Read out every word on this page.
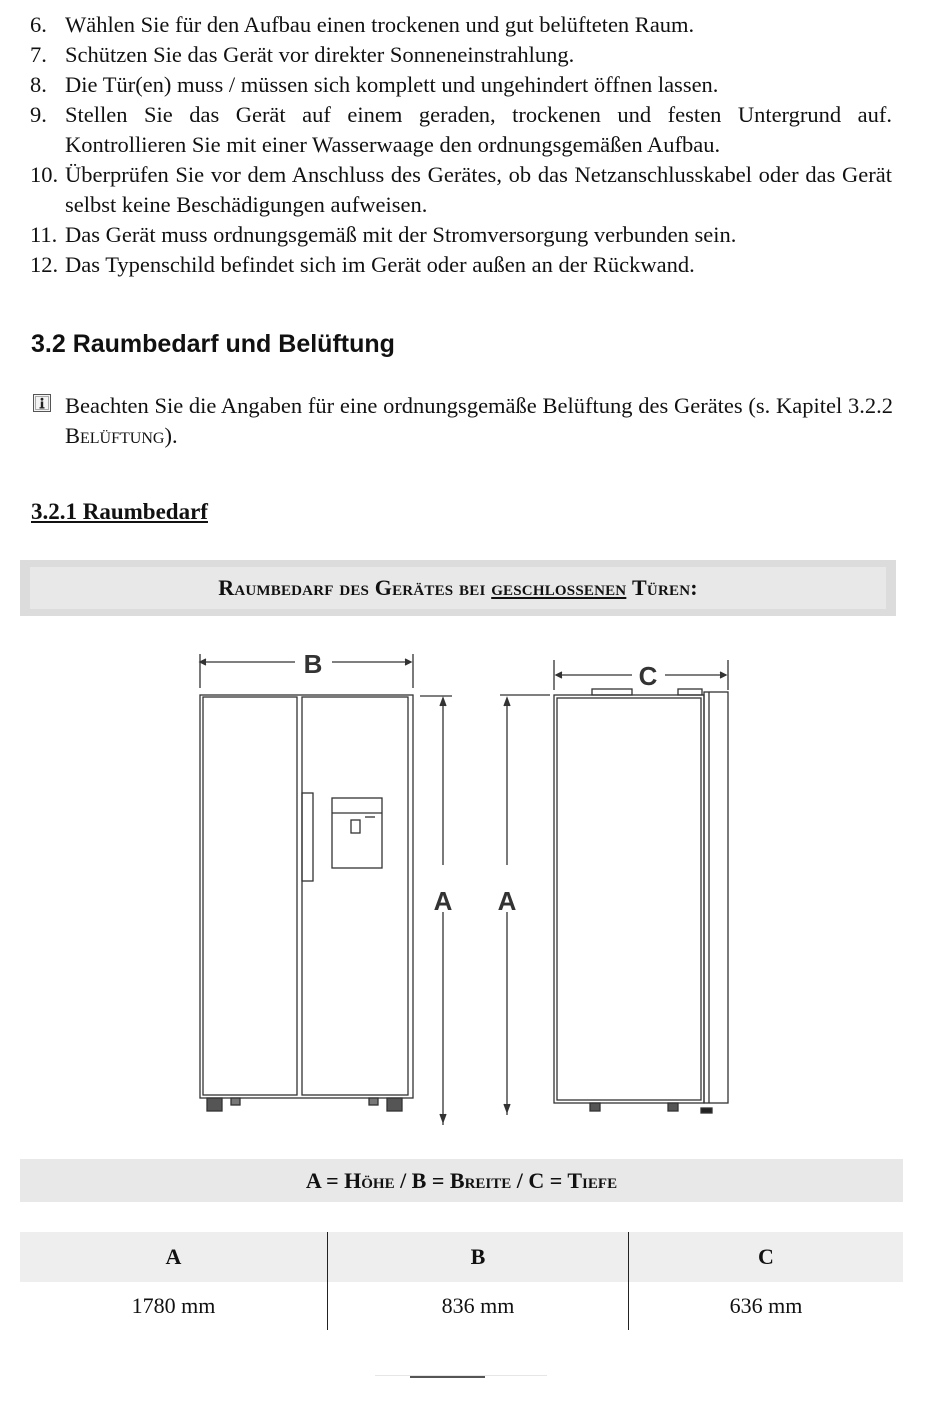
6. Wählen Sie für den Aufbau einen trockenen und gut belüfteten Raum.
7. Schützen Sie das Gerät vor direkter Sonneneinstrahlung.
8. Die Tür(en) muss / müssen sich komplett und ungehindert öffnen lassen.
9. Stellen Sie das Gerät auf einem geraden, trockenen und festen Untergrund auf. Kontrollieren Sie mit einer Wasserwaage den ordnungsgemäßen Aufbau.
10. Überprüfen Sie vor dem Anschluss des Gerätes, ob das Netzanschlusskabel oder das Gerät selbst keine Beschädigungen aufweisen.
11. Das Gerät muss ordnungsgemäß mit der Stromversorgung verbunden sein.
12. Das Typenschild befindet sich im Gerät oder außen an der Rückwand.
3.2 Raumbedarf und Belüftung
Beachten Sie die Angaben für eine ordnungsgemäße Belüftung des Gerätes (s. Kapitel 3.2.2 Belüftung).
3.2.1 Raumbedarf
Raumbedarf des Gerätes bei
geschlossenen
Türen:
B
A A
C
A = Höhe / B = Breite / C = Tiefe
A	B	C
1780 mm	836 mm	636 mm
